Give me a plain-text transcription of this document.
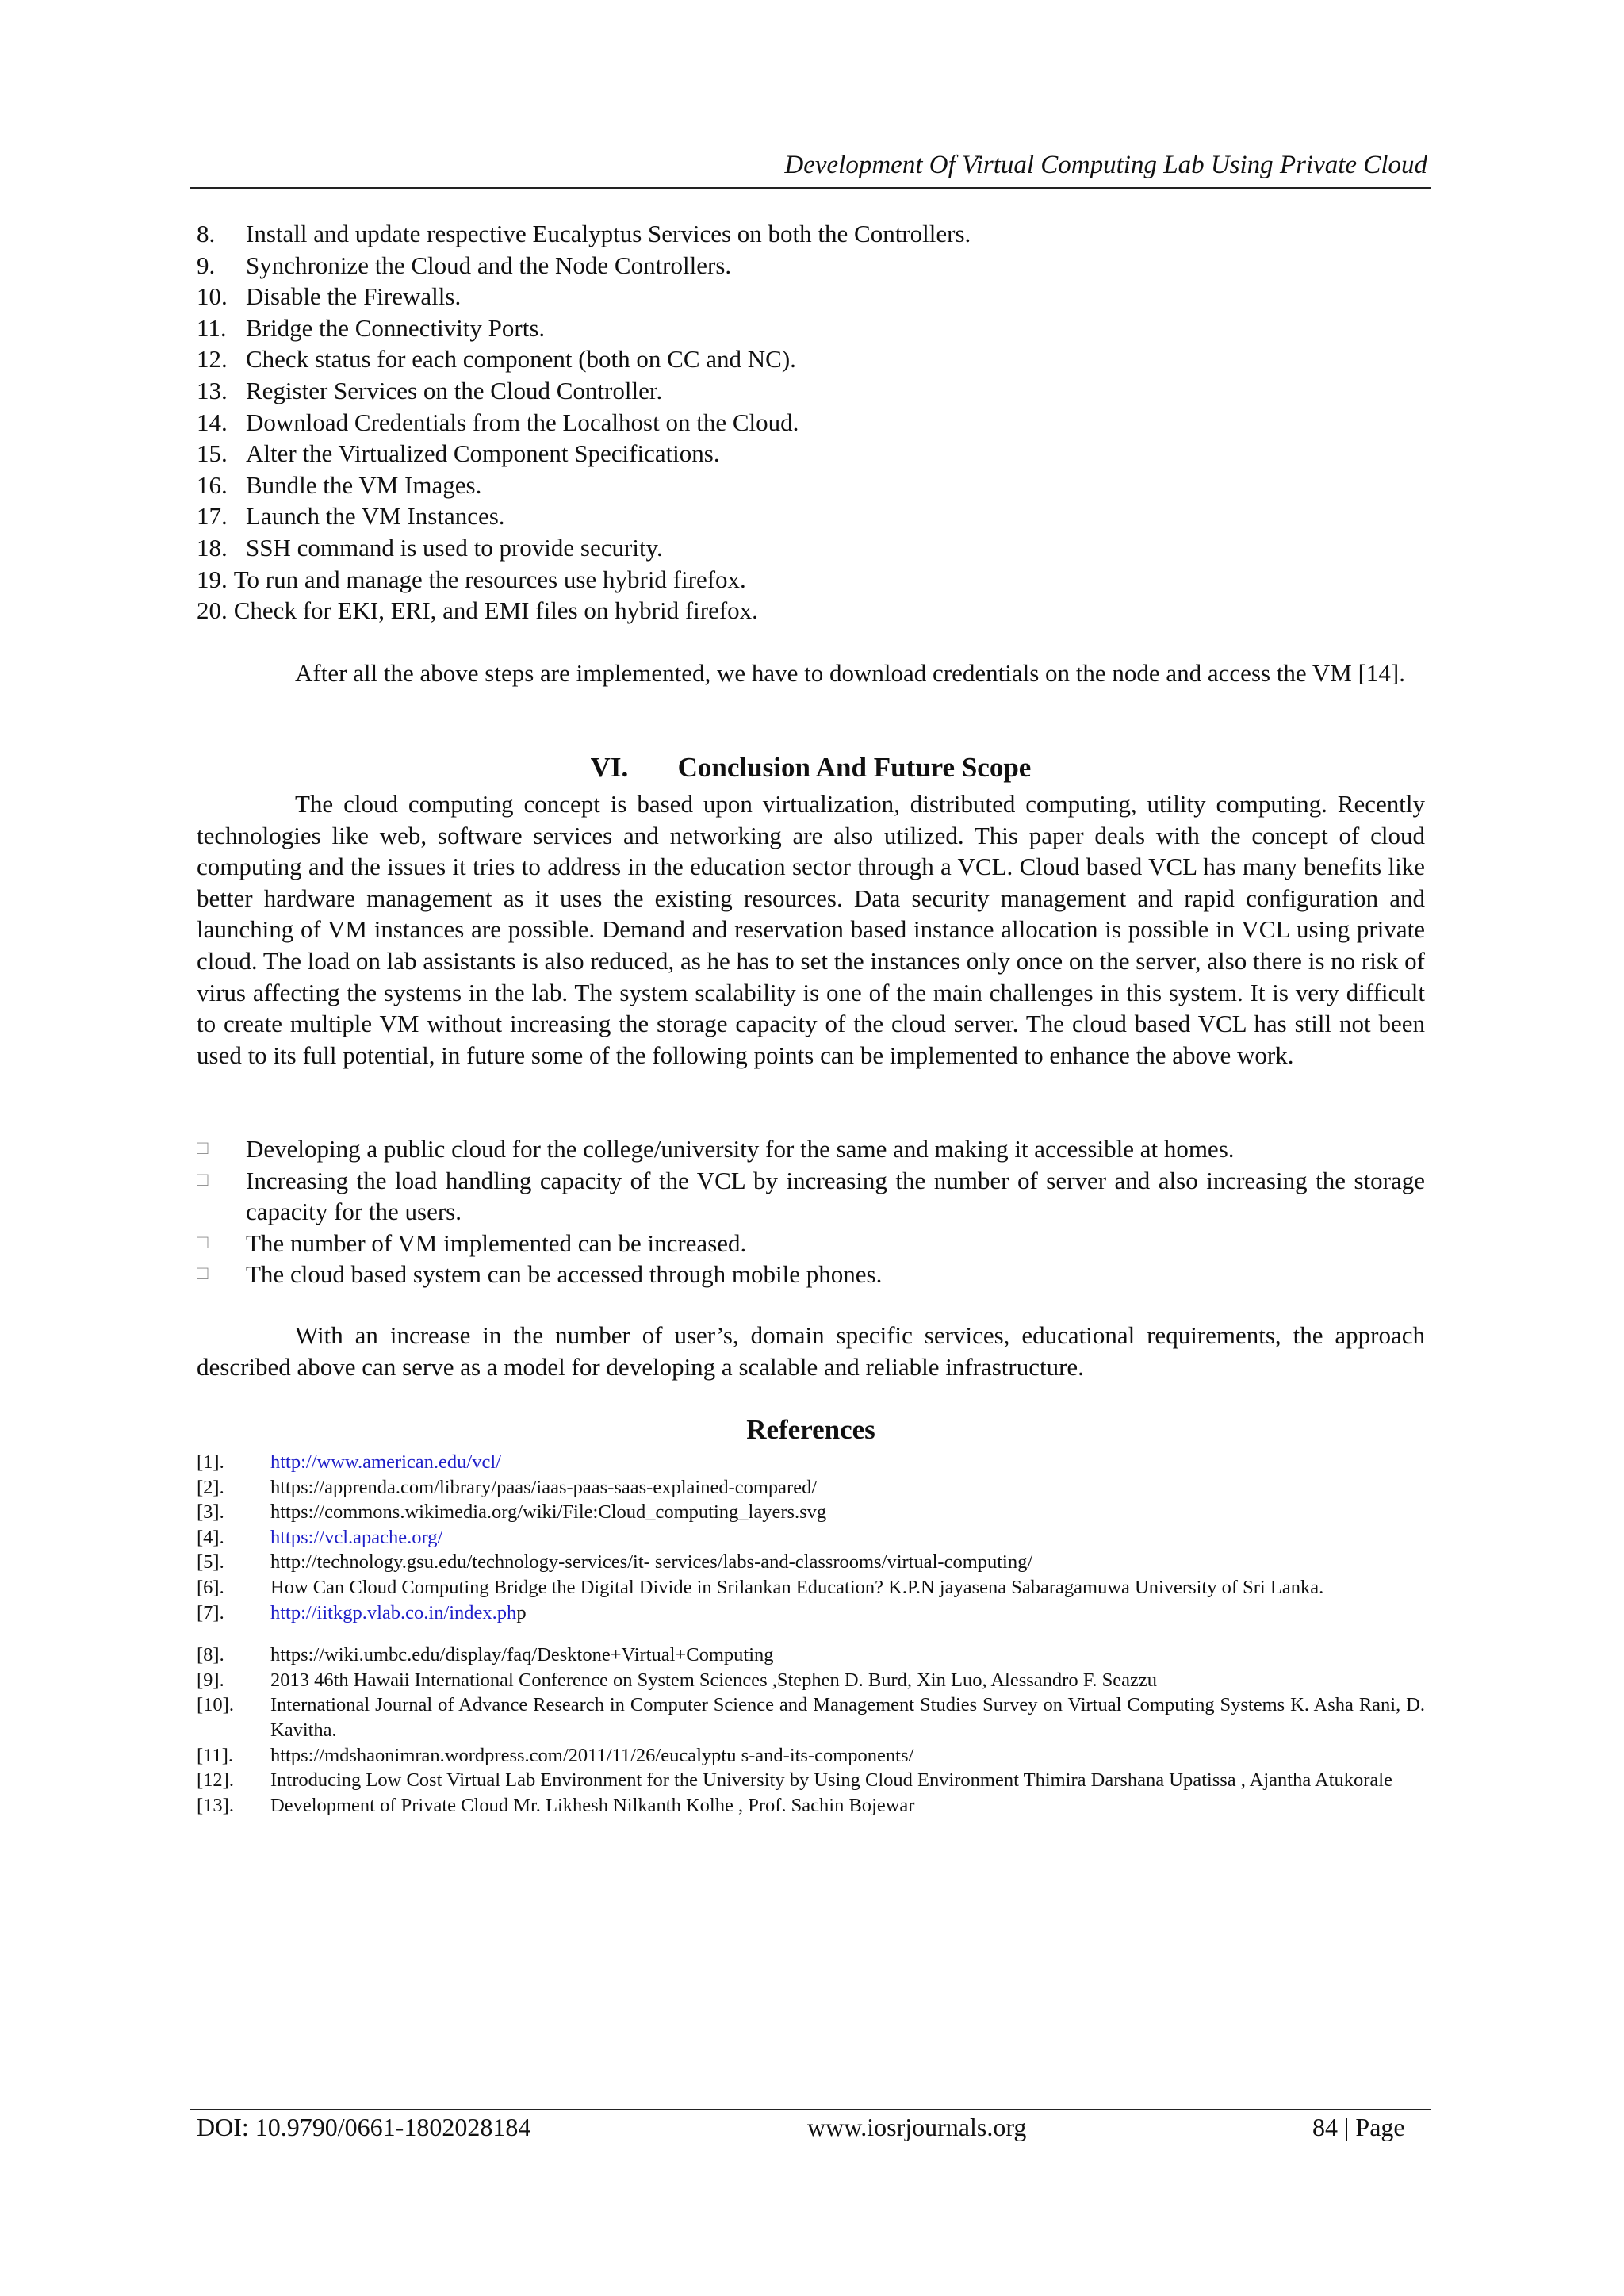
Development Of Virtual Computing Lab Using Private Cloud
8.	Install and update respective Eucalyptus Services on both the Controllers.
9.	Synchronize the Cloud and the Node Controllers.
10. Disable the Firewalls.
11. Bridge the Connectivity Ports.
12. Check status for each component (both on CC and NC).
13. Register Services on the Cloud Controller.
14. Download Credentials from the Localhost on the Cloud.
15. Alter the Virtualized Component Specifications.
16. Bundle the VM Images.
17. Launch the VM Instances.
18. SSH command is used to provide security.
19. To run and manage the resources use hybrid firefox.
20. Check for EKI, ERI, and EMI files on hybrid firefox.

After all the above steps are implemented, we have to download credentials on the node and access the VM [14].

VI. Conclusion And Future Scope

The cloud computing concept is based upon virtualization, distributed computing, utility computing. Recently technologies like web, software services and networking are also utilized. This paper deals with the concept of cloud computing and the issues it tries to address in the education sector through a VCL. Cloud based VCL has many benefits like better hardware management as it uses the existing resources. Data security management and rapid configuration and launching of VM instances are possible. Demand and reservation based instance allocation is possible in VCL using private cloud. The load on lab assistants is also reduced, as he has to set the instances only once on the server, also there is no risk of virus affecting the systems in the lab. The system scalability is one of the main challenges in this system. It is very difficult to create multiple VM without increasing the storage capacity of the cloud server. The cloud based VCL has still not been used to its full potential, in future some of the following points can be implemented to enhance the above work.

□	Developing a public cloud for the college/university for the same and making it accessible at homes.
□	Increasing the load handling capacity of the VCL by increasing the number of server and also increasing the storage capacity for the users.
□	The number of VM implemented can be increased.
□	The cloud based system can be accessed through mobile phones.

With an increase in the number of user’s, domain specific services, educational requirements, the approach described above can serve as a model for developing a scalable and reliable infrastructure.

References
[1].	http://www.american.edu/vcl/
[2].	https://apprenda.com/library/paas/iaas-paas-saas-explained-compared/
[3].	https://commons.wikimedia.org/wiki/File:Cloud_computing_layers.svg
[4].	https://vcl.apache.org/
[5].	http://technology.gsu.edu/technology-services/it- services/labs-and-classrooms/virtual-computing/
[6].	How Can Cloud Computing Bridge the Digital Divide in Srilankan Education? K.P.N jayasena Sabaragamuwa University of Sri Lanka.
[7].	http://iitkgp.vlab.co.in/index.php
[8].	https://wiki.umbc.edu/display/faq/Desktone+Virtual+Computing
[9].	2013 46th Hawaii International Conference on System Sciences ,Stephen D. Burd, Xin Luo, Alessandro F. Seazzu
[10].	International Journal of Advance Research in Computer Science and Management Studies Survey on Virtual Computing Systems K. Asha Rani, D. Kavitha.
[11].	https://mdshaonimran.wordpress.com/2011/11/26/eucalyptu s-and-its-components/
[12].	Introducing Low Cost Virtual Lab Environment for the University by Using Cloud Environment Thimira Darshana Upatissa , Ajantha Atukorale
[13].	Development of Private Cloud Mr. Likhesh Nilkanth Kolhe , Prof. Sachin Bojewar
DOI: 10.9790/0661-1802028184	www.iosrjournals.org	84 | Page
